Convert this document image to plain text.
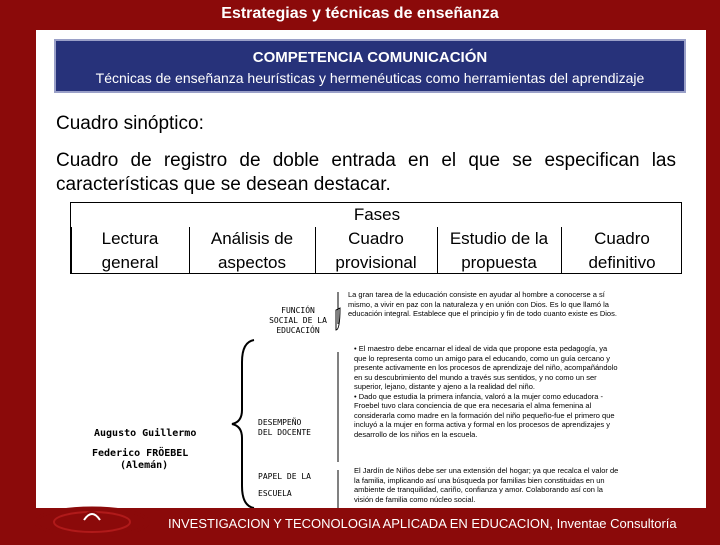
Estrategias y técnicas de enseñanza
COMPETENCIA COMUNICACIÓN
Técnicas de enseñanza heurísticas y hermenéuticas como herramientas del aprendizaje
Cuadro sinóptico:
Cuadro de registro de doble entrada en el que se especifican las características que se desean destacar.
Fases
Lectura
general
Análisis de
aspectos
Cuadro
provisional
Estudio de la
propuesta
Cuadro
definitivo
FUNCIÓN
SOCIAL DE LA
EDUCACIÓN
DESEMPEÑO
DEL DOCENTE
PAPEL DE LA
ESCUELA
Augusto Guillermo
Federico FRÖEBEL
(Alemán)
La gran tarea de la educación consiste en ayudar al hombre a conocerse a sí
mismo, a vivir en paz con la naturaleza y en unión con Dios. Es lo que llamó la
educación integral. Establece que el principio y fin de todo cuanto existe es Dios.
• El maestro debe encarnar el ideal de vida que propone esta pedagogía, ya
que lo representa como un amigo para el educando, como un guía cercano y
presente activamente en los procesos de aprendizaje del niño, acompañándolo
en su descubrimiento del mundo a través sus sentidos, y no como un ser
superior, lejano, distante y ajeno a la realidad del niño.
• Dado que estudia la primera infancia, valoró a la mujer como educadora -
Froebel tuvo clara conciencia de que era necesaria el alma femenina al
considerarla como madre en la formación del niño pequeño-fue el primero que
incluyó a la mujer en forma activa y formal en los procesos de aprendizajes y
desarrollo de los niños en la escuela.
El Jardín de Niños debe ser una extensión del hogar; ya que recalca el valor de
la familia, implicando así una búsqueda por familias bien constituidas en un
ambiente de tranquilidad, cariño, confianza y amor. Colaborando así con la
visión de familia como núcleo social.
INVESTIGACION Y TECONOLOGIA APLICADA EN EDUCACION, Inventae Consultoría
